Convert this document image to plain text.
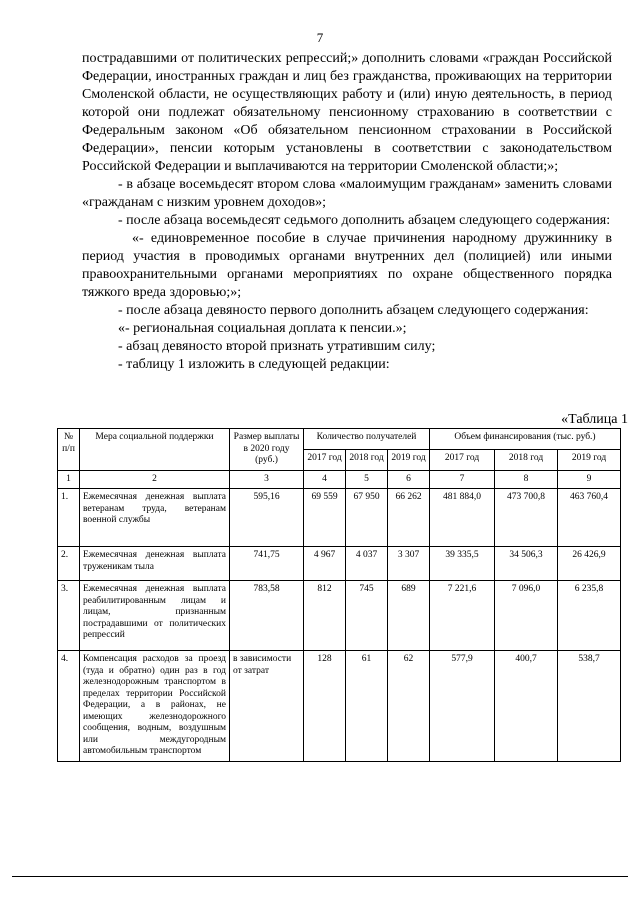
7

пострадавшими от политических репрессий;» дополнить словами «граждан Российской Федерации, иностранных граждан и лиц без гражданства, проживающих на территории Смоленской области, не осуществляющих работу и (или) иную деятельность, в период которой они подлежат обязательному пенсионному страхованию в соответствии с Федеральным законом «Об обязательном пенсионном страховании в Российской Федерации», пенсии которым установлены в соответствии с законодательством Российской Федерации и выплачиваются на территории Смоленской области;»;

- в абзаце восемьдесят втором слова «малоимущим гражданам» заменить словами «гражданам с низким уровнем доходов»;

- после абзаца восемьдесят седьмого дополнить абзацем следующего содержания:

«- единовременное пособие в случае причинения народному дружиннику в период участия в проводимых органами внутренних дел (полицией) или иными правоохранительными органами мероприятиях по охране общественного порядка тяжкого вреда здоровью;»;

- после абзаца девяносто первого дополнить абзацем следующего содержания:

«- региональная социальная доплата к пенсии.»;

- абзац девяносто второй признать утратившим силу;

- таблицу 1 изложить в следующей редакции:

«Таблица 1
№ п/п	Мера социальной поддержки	Размер выплаты в 2020 году (руб.)	Количество получателей			Объем финансирования (тыс. руб.)		
			2017 год	2018 год	2019 год	2017 год	2018 год	2019 год
1	2	3	4	5	6	7	8	9
1.	Ежемесячная денежная выплата ветеранам труда, ветеранам военной службы	595,16	69 559	67 950	66 262	481 884,0	473 700,8	463 760,4
2.	Ежемесячная денежная выплата труженикам тыла	741,75	4 967	4 037	3 307	39 335,5	34 506,3	26 426,9
3.	Ежемесячная денежная выплата реабилитированным лицам и лицам, признанным пострадавшими от политических репрессий	783,58	812	745	689	7 221,6	7 096,0	6 235,8
4.	Компенсация расходов за проезд (туда и обратно) один раз в год железнодорожным транспортом в пределах территории Российской Федерации, а в районах, не имеющих железнодорожного сообщения, водным, воздушным или междугородным автомобильным транспортом	в зависимости от затрат	128	61	62	577,9	400,7	538,7
